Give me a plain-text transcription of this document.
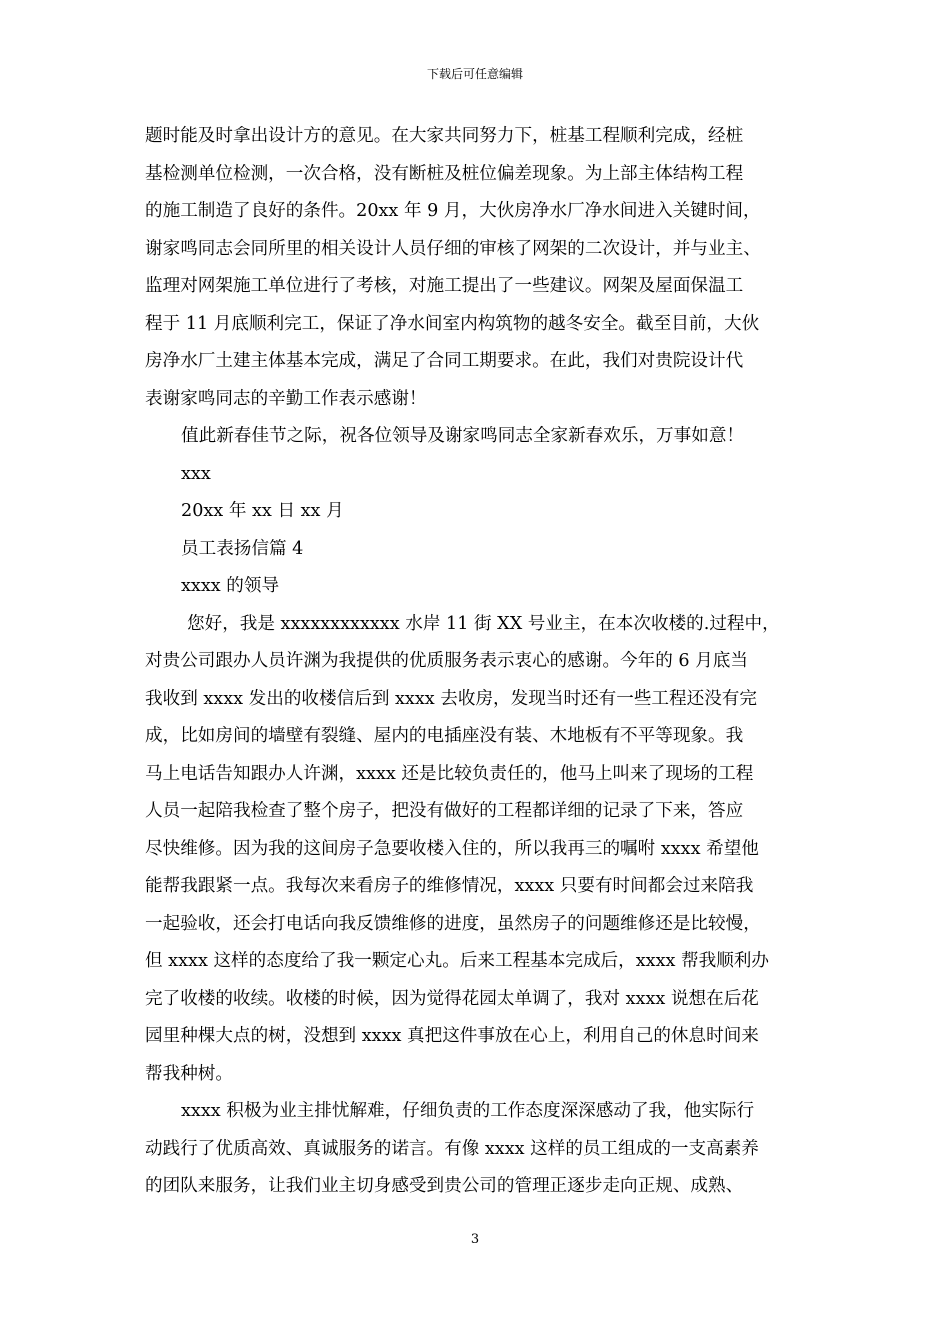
下载后可任意编辑
题时能及时拿出设计方的意见。在大家共同努力下，桩基工程顺利完成，经桩
基检测单位检测，一次合格，没有断桩及桩位偏差现象。为上部主体结构工程
的施工制造了良好的条件。20xx 年 9 月，大伙房净水厂净水间进入关键时间，
谢家鸣同志会同所里的相关设计人员仔细的审核了网架的二次设计，并与业主、
监理对网架施工单位进行了考核，对施工提出了一些建议。网架及屋面保温工
程于 11 月底顺利完工，保证了净水间室内构筑物的越冬安全。截至目前，大伙
房净水厂土建主体基本完成，满足了合同工期要求。在此，我们对贵院设计代
表谢家鸣同志的辛勤工作表示感谢！
值此新春佳节之际，祝各位领导及谢家鸣同志全家新春欢乐，万事如意！
xxx
20xx 年 xx 日 xx 月
员工表扬信篇 4
xxxx 的领导
您好，我是 xxxxxxxxxxxx 水岸 11 街 XX 号业主，在本次收楼的.过程中，
对贵公司跟办人员许渊为我提供的优质服务表示衷心的感谢。今年的 6 月底当
我收到 xxxx 发出的收楼信后到 xxxx 去收房，发现当时还有一些工程还没有完
成，比如房间的墙壁有裂缝、屋内的电插座没有装、木地板有不平等现象。我
马上电话告知跟办人许渊，xxxx 还是比较负责任的，他马上叫来了现场的工程
人员一起陪我检查了整个房子，把没有做好的工程都详细的记录了下来，答应
尽快维修。因为我的这间房子急要收楼入住的，所以我再三的嘱咐 xxxx 希望他
能帮我跟紧一点。我每次来看房子的维修情况，xxxx 只要有时间都会过来陪我
一起验收，还会打电话向我反馈维修的进度，虽然房子的问题维修还是比较慢，
但 xxxx 这样的态度给了我一颗定心丸。后来工程基本完成后，xxxx 帮我顺利办
完了收楼的收续。收楼的时候，因为觉得花园太单调了，我对 xxxx 说想在后花
园里种棵大点的树，没想到 xxxx 真把这件事放在心上，利用自己的休息时间来
帮我种树。
xxxx 积极为业主排忧解难，仔细负责的工作态度深深感动了我，他实际行
动践行了优质高效、真诚服务的诺言。有像 xxxx 这样的员工组成的一支高素养
的团队来服务，让我们业主切身感受到贵公司的管理正逐步走向正规、成熟、
3
